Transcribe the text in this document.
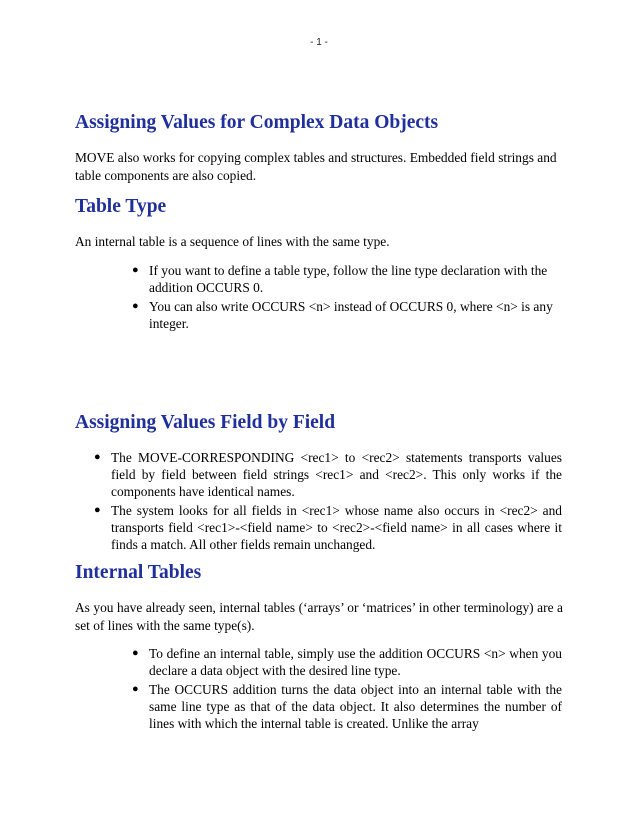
- 1 -
Assigning Values for Complex Data Objects

MOVE also works for copying complex tables and structures. Embedded field strings and table components are also copied.

Table Type

An internal table is a sequence of lines with the same type.

● If you want to define a table type, follow the line type declaration with the addition OCCURS 0.
● You can also write OCCURS <n> instead of OCCURS 0, where <n> is any integer.
Assigning Values Field by Field
● The MOVE-CORRESPONDING <rec1> to <rec2> statements transports values field by field between field strings <rec1> and <rec2>. This only works if the components have identical names.
● The system looks for all fields in <rec1> whose name also occurs in <rec2> and transports field <rec1>-<field name> to <rec2>-<field name> in all cases where it finds a match. All other fields remain unchanged.
Internal Tables

As you have already seen, internal tables (‘arrays’ or ‘matrices’ in other terminology) are a set of lines with the same type(s).

● To define an internal table, simply use the addition OCCURS <n> when you declare a data object with the desired line type.
● The OCCURS addition turns the data object into an internal table with the same line type as that of the data object. It also determines the number of lines with which the internal table is created. Unlike the array
